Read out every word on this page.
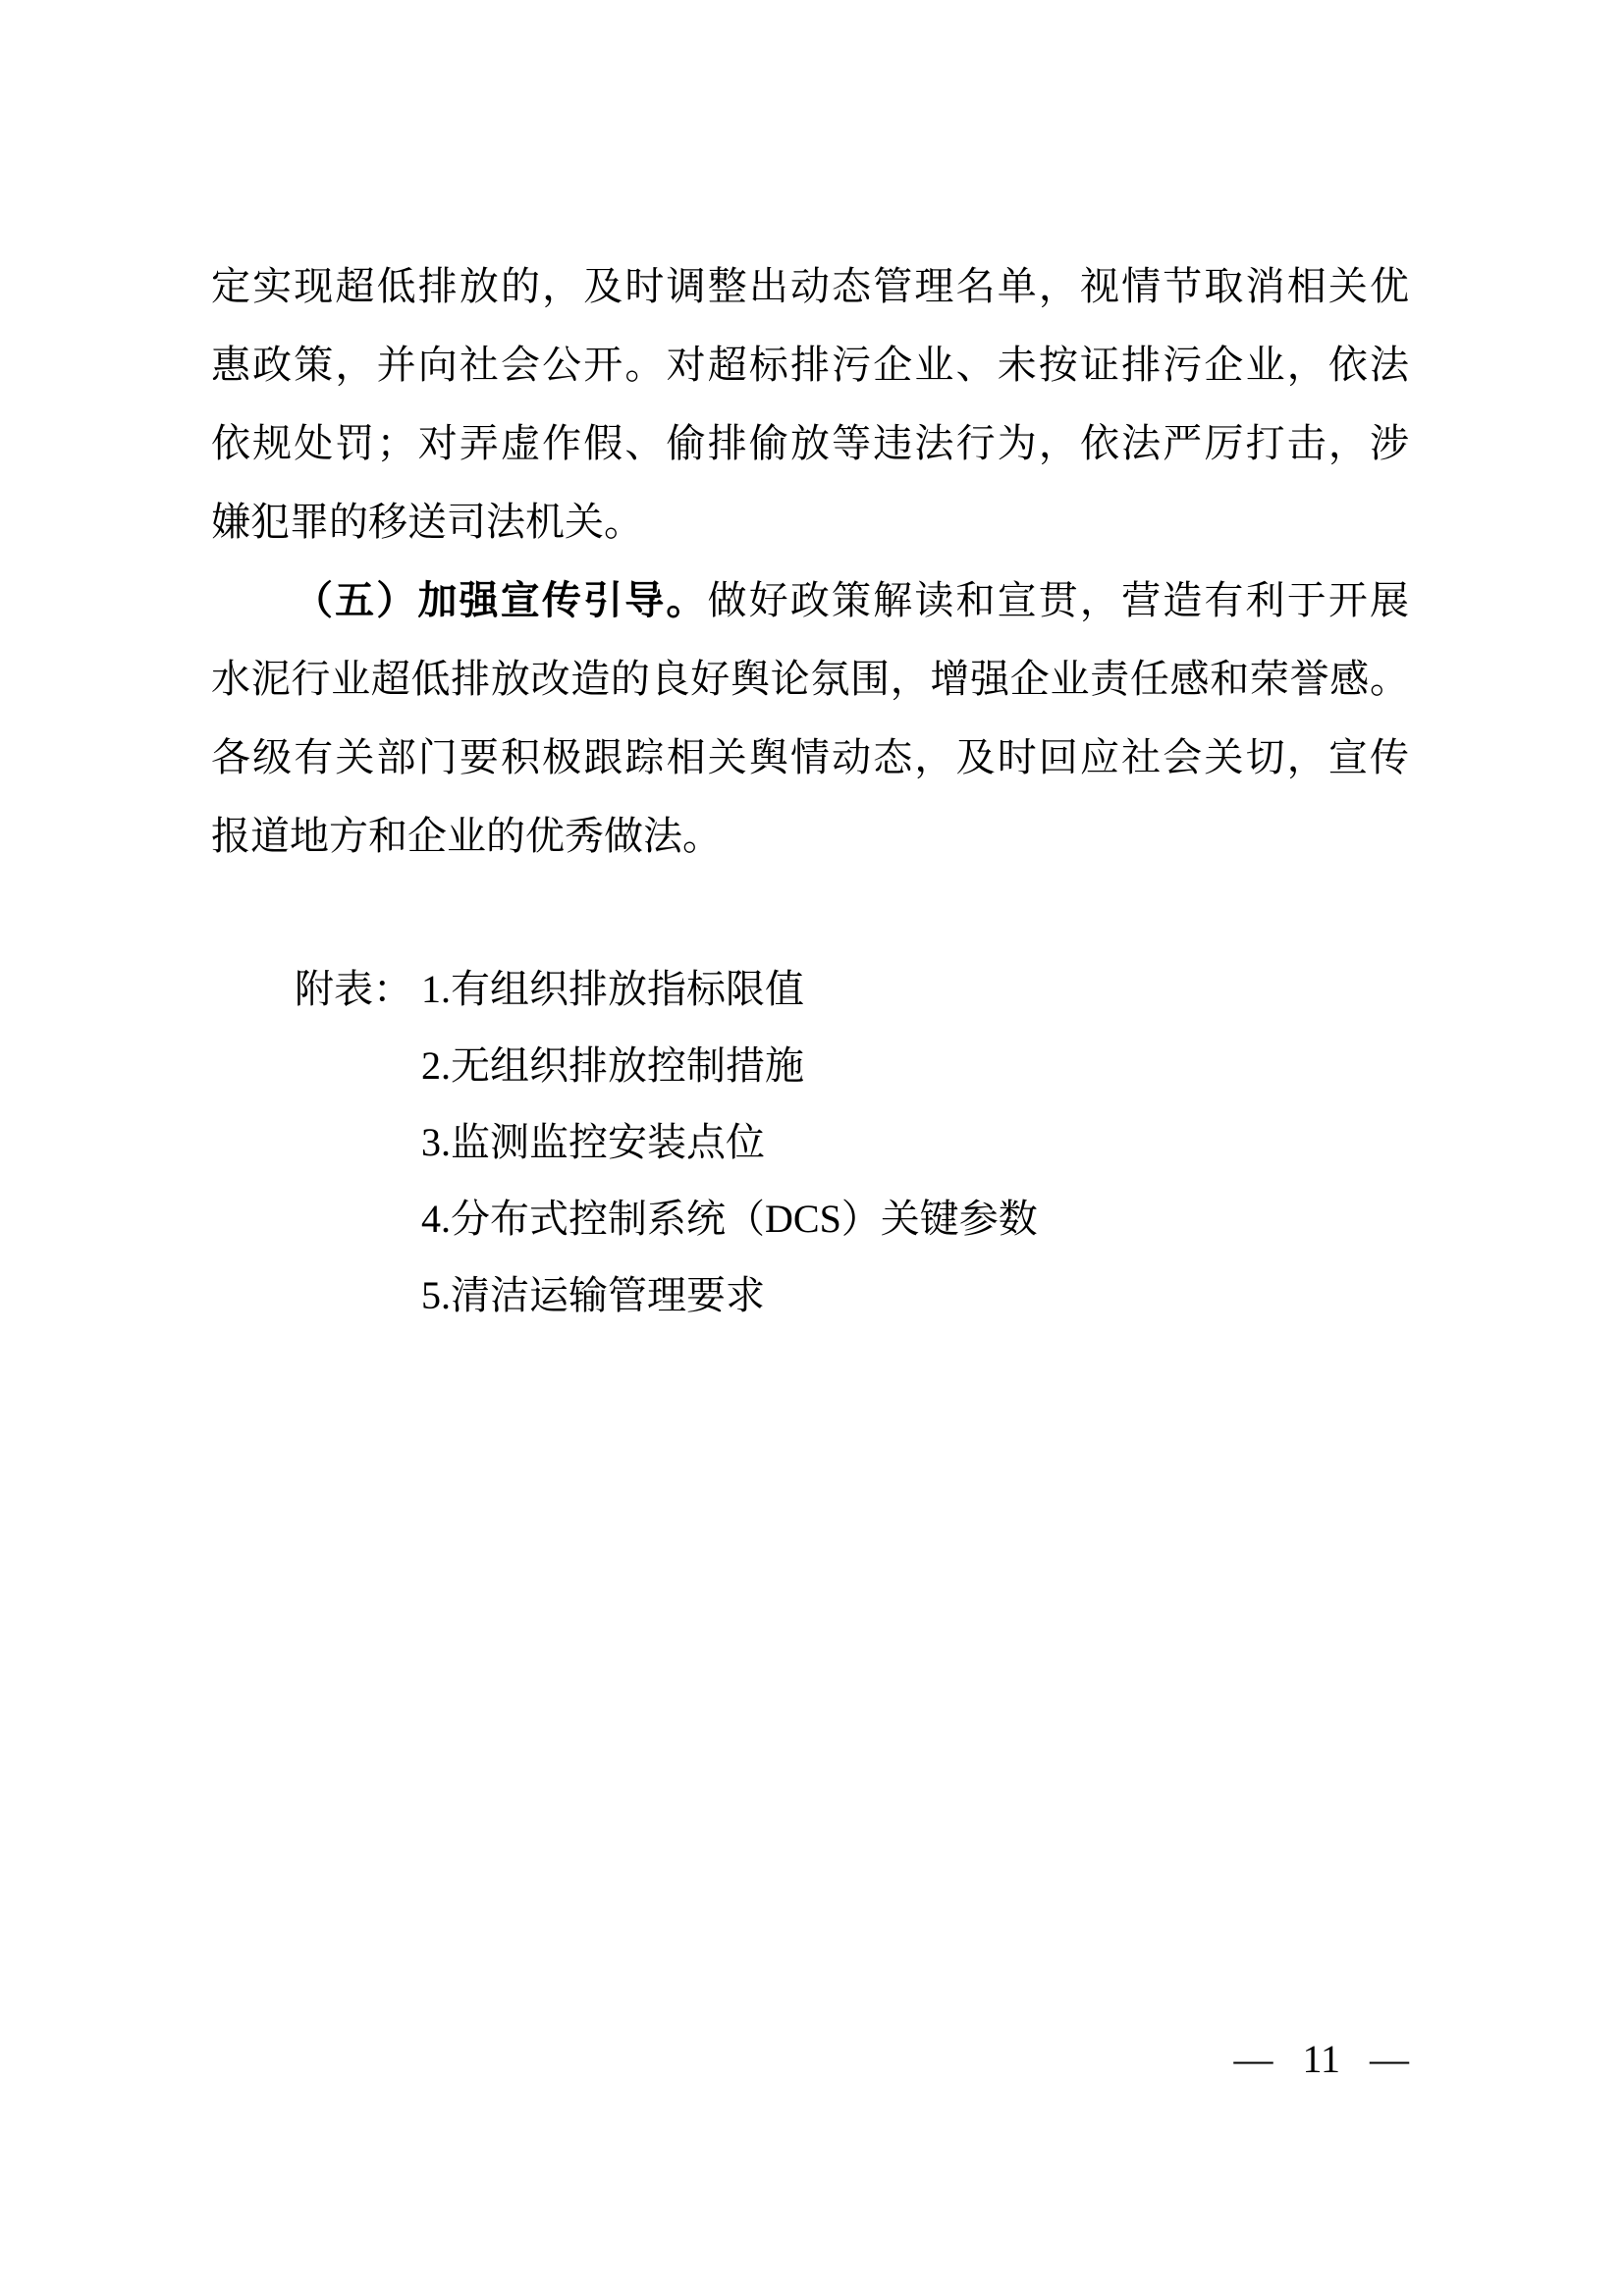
定实现超低排放的，及时调整出动态管理名单，视情节取消相关优
惠政策，并向社会公开。对超标排污企业、未按证排污企业，依法
依规处罚；对弄虚作假、偷排偷放等违法行为，依法严厉打击，涉
嫌犯罪的移送司法机关。
（五）加强宣传引导。做好政策解读和宣贯，营造有利于开展
水泥行业超低排放改造的良好舆论氛围，增强企业责任感和荣誉感。
各级有关部门要积极跟踪相关舆情动态，及时回应社会关切，宣传
报道地方和企业的优秀做法。
附表： 1.有组织排放指标限值
2.无组织排放控制措施
3.监测监控安装点位
4.分布式控制系统（DCS）关键参数
5.清洁运输管理要求
— 11 —
